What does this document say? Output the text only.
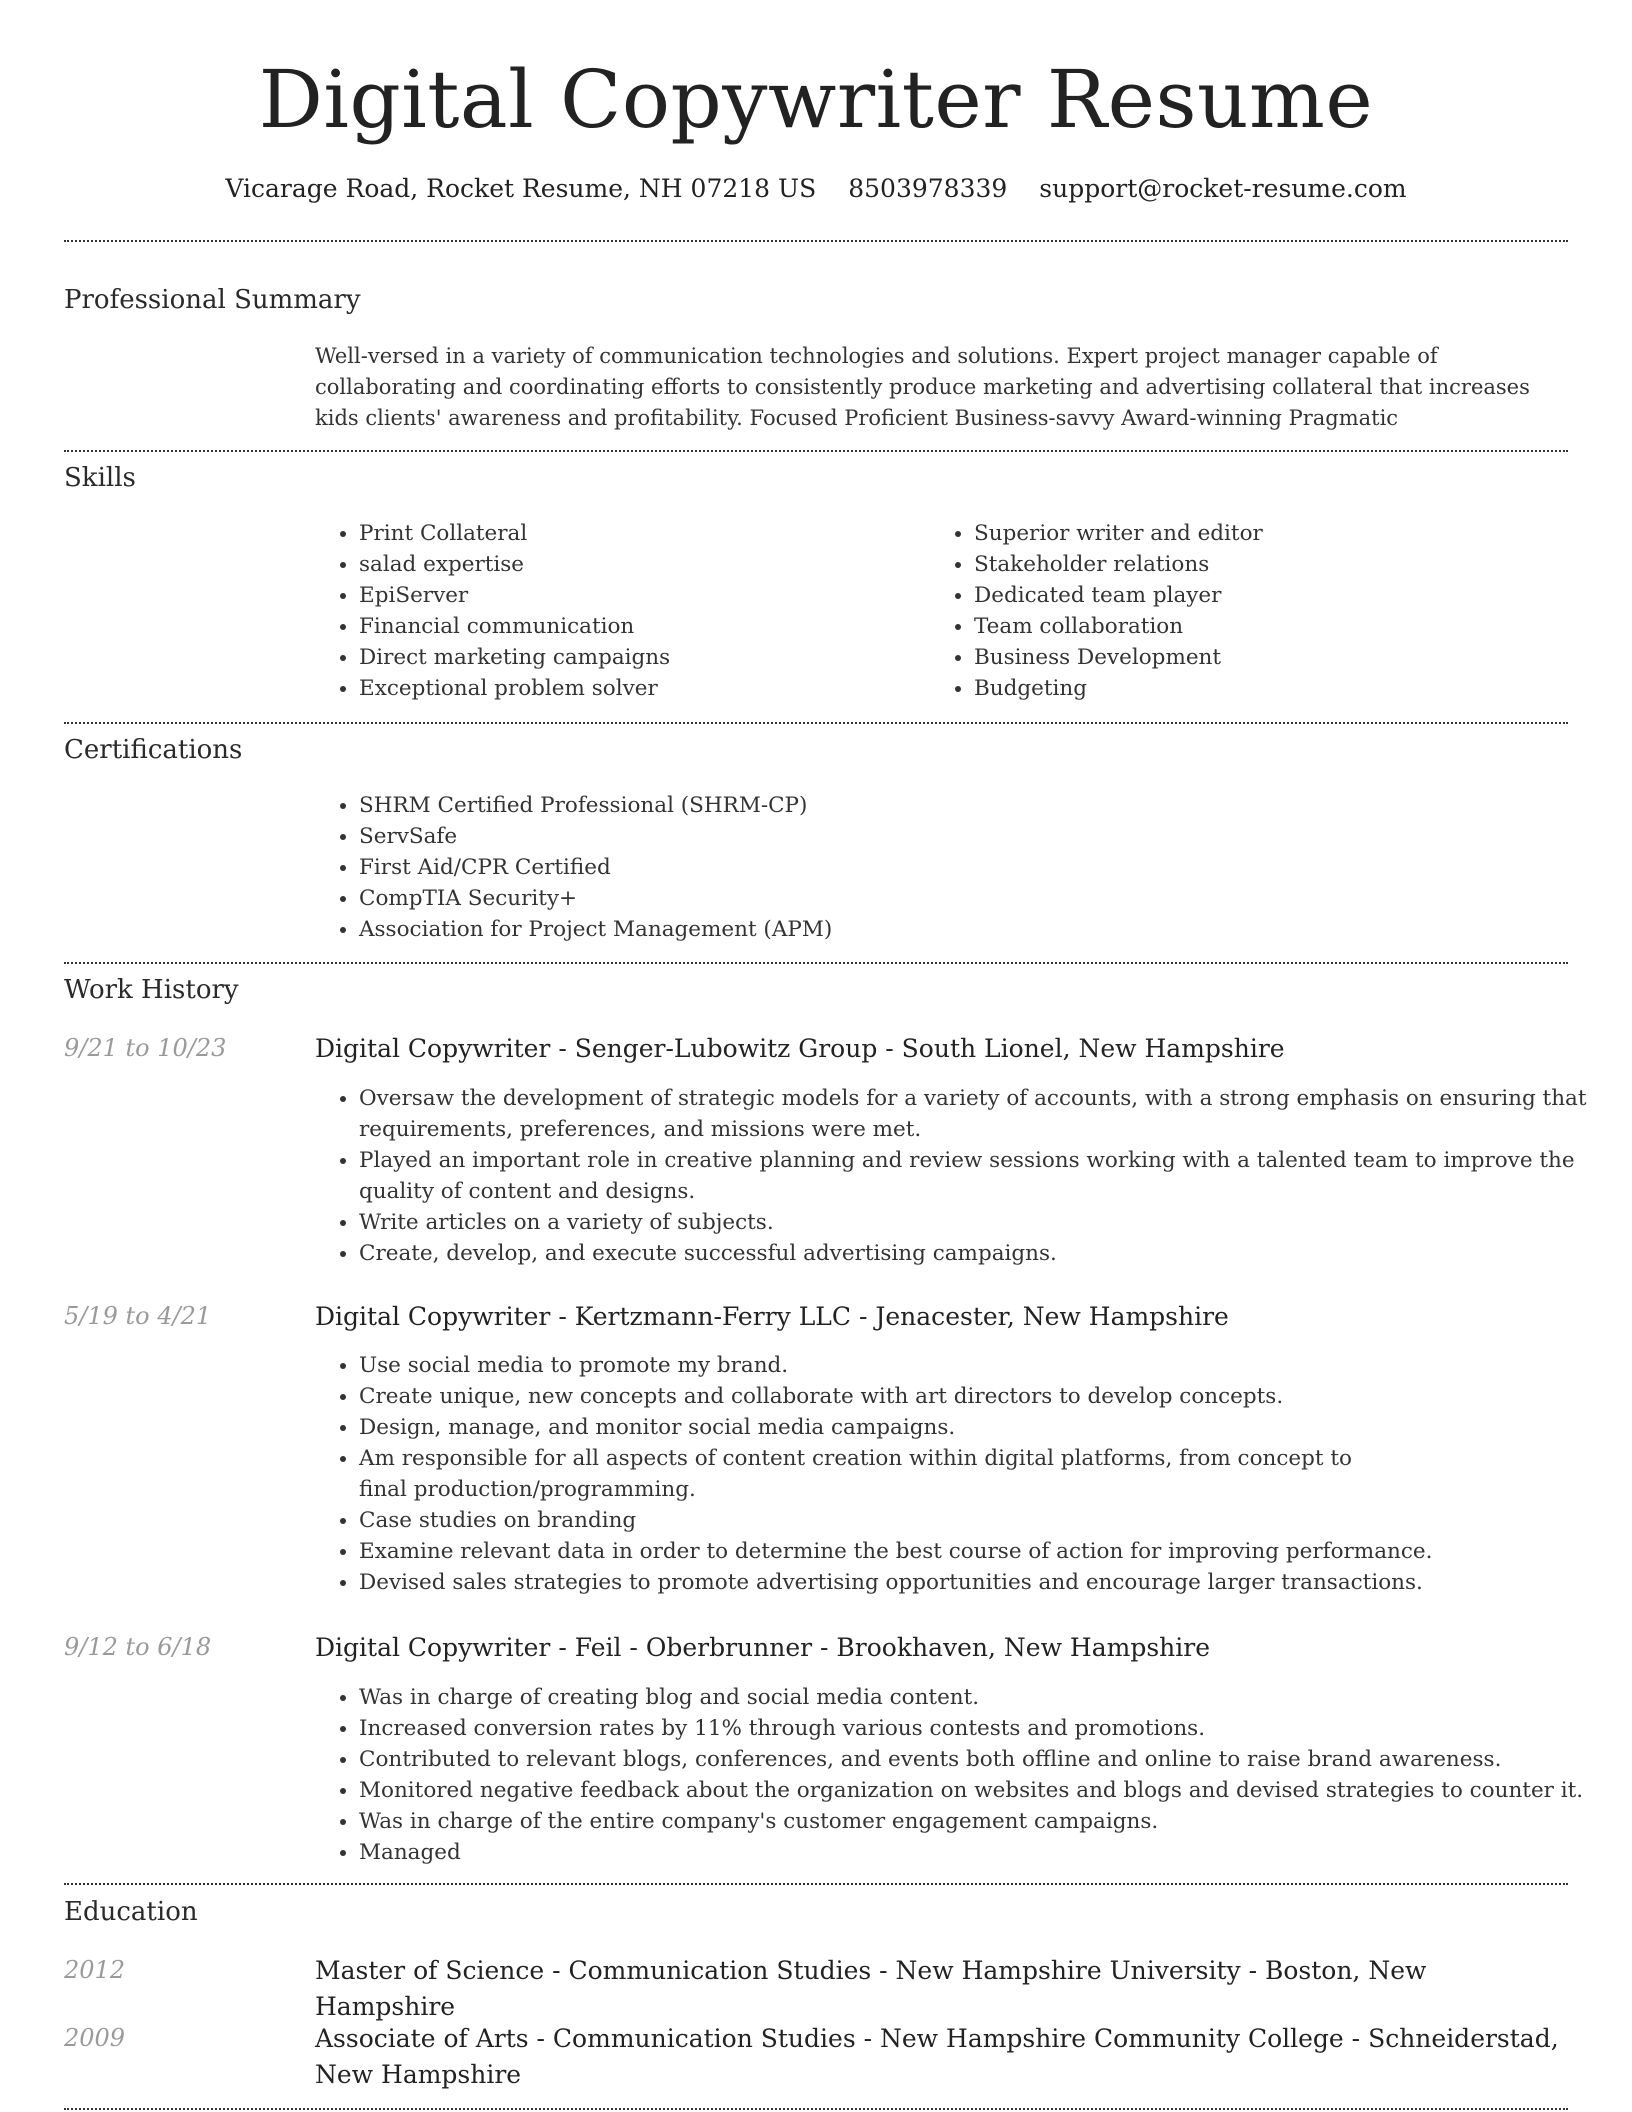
Digital Copywriter Resume
Vicarage Road, Rocket Resume, NH 07218 US 8503978339 support@rocket-resume.com
Professional Summary
Well-versed in a variety of communication technologies and solutions. Expert project manager capable of collaborating and coordinating efforts to consistently produce marketing and advertising collateral that increases kids clients' awareness and profitability. Focused Proficient Business-savvy Award-winning Pragmatic
Skills
• Print Collateral
• salad expertise
• EpiServer
• Financial communication
• Direct marketing campaigns
• Exceptional problem solver
• Superior writer and editor
• Stakeholder relations
• Dedicated team player
• Team collaboration
• Business Development
• Budgeting
Certifications
• SHRM Certified Professional (SHRM-CP)
• ServSafe
• First Aid/CPR Certified
• CompTIA Security+
• Association for Project Management (APM)
Work History
9/21 to 10/23	Digital Copywriter - Senger-Lubowitz Group - South Lionel, New Hampshire
• Oversaw the development of strategic models for a variety of accounts, with a strong emphasis on ensuring that requirements, preferences, and missions were met.
• Played an important role in creative planning and review sessions working with a talented team to improve the quality of content and designs.
• Write articles on a variety of subjects.
• Create, develop, and execute successful advertising campaigns.
5/19 to 4/21	Digital Copywriter - Kertzmann-Ferry LLC - Jenacester, New Hampshire
• Use social media to promote my brand.
• Create unique, new concepts and collaborate with art directors to develop concepts.
• Design, manage, and monitor social media campaigns.
• Am responsible for all aspects of content creation within digital platforms, from concept to final production/programming.
• Case studies on branding
• Examine relevant data in order to determine the best course of action for improving performance.
• Devised sales strategies to promote advertising opportunities and encourage larger transactions.
9/12 to 6/18	Digital Copywriter - Feil - Oberbrunner - Brookhaven, New Hampshire
• Was in charge of creating blog and social media content.
• Increased conversion rates by 11% through various contests and promotions.
• Contributed to relevant blogs, conferences, and events both offline and online to raise brand awareness.
• Monitored negative feedback about the organization on websites and blogs and devised strategies to counter it.
• Was in charge of the entire company's customer engagement campaigns.
• Managed
Education
2012	Master of Science - Communication Studies - New Hampshire University - Boston, New Hampshire
2009	Associate of Arts - Communication Studies - New Hampshire Community College - Schneiderstad, New Hampshire
